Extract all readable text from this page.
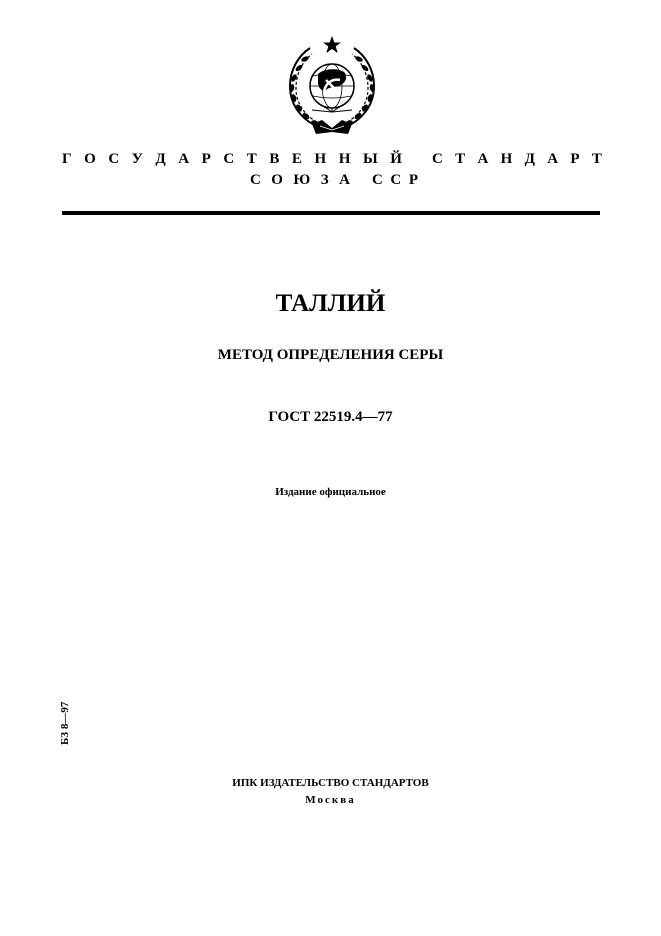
Г О С У Д А Р С Т В Е Н Н Ы Й С Т А Н Д А Р Т
С О Ю З А С С Р
ТАЛЛИЙ
МЕТОД ОПРЕДЕЛЕНИЯ СЕРЫ
ГОСТ 22519.4—77
Издание официальное
БЗ 8—97
ИПК ИЗДАТЕЛЬСТВО СТАНДАРТОВ
Москва
